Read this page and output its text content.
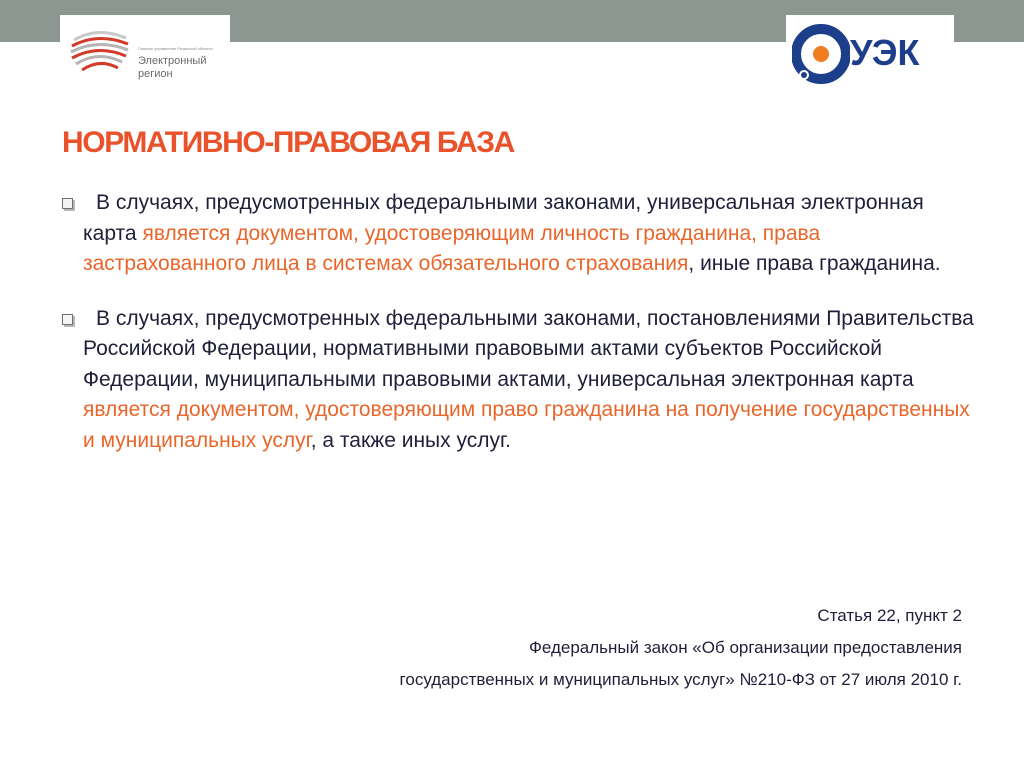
Главное управление Рязанской области
Электронный
регион
УЭК
НОРМАТИВНО-ПРАВОВАЯ БАЗА
В случаях, предусмотренных федеральными законами, универсальная электронная карта является документом, удостоверяющим личность гражданина, права застрахованного лица в системах обязательного страхования, иные права гражданина.
В случаях, предусмотренных федеральными законами, постановлениями Правительства Российской Федерации, нормативными правовыми актами субъектов Российской Федерации, муниципальными правовыми актами, универсальная электронная карта является документом, удостоверяющим право гражданина на получение государственных и муниципальных услуг, а также иных услуг.
Статья 22, пункт 2
Федеральный закон «Об организации предоставления
государственных и муниципальных услуг» №210-ФЗ от 27 июля 2010 г.
